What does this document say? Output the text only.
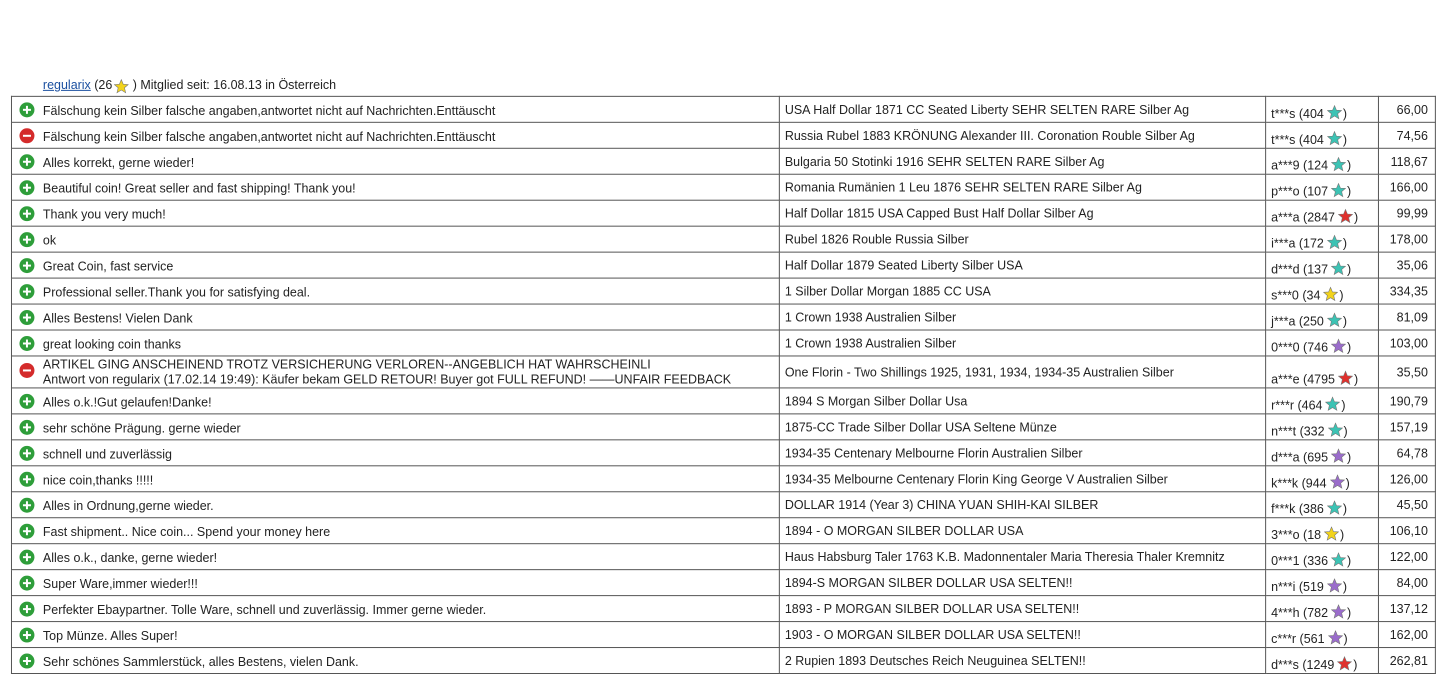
regularix (26 ) Mitglied seit: 16.08.13 in Österreich
Fälschung kein Silber falsche angaben,antwortet nicht auf Nachrichten.Enttäuscht	USA Half Dollar 1871 CC Seated Liberty SEHR SELTEN RARE Silber Ag	t***s (404 )	66,00
Fälschung kein Silber falsche angaben,antwortet nicht auf Nachrichten.Enttäuscht	Russia Rubel 1883 KRÖNUNG Alexander III. Coronation Rouble Silber Ag	t***s (404 )	74,56
Alles korrekt, gerne wieder!	Bulgaria 50 Stotinki 1916 SEHR SELTEN RARE Silber Ag	a***9 (124 )	118,67
Beautiful coin! Great seller and fast shipping! Thank you!	Romania Rumänien 1 Leu 1876 SEHR SELTEN RARE Silber Ag	p***o (107 )	166,00
Thank you very much!	Half Dollar 1815 USA Capped Bust Half Dollar Silber Ag	a***a (2847 )	99,99
ok	Rubel 1826 Rouble Russia Silber	i***a (172 )	178,00
Great Coin, fast service	Half Dollar 1879 Seated Liberty Silber USA	d***d (137 )	35,06
Professional seller.Thank you for satisfying deal.	1 Silber Dollar Morgan 1885 CC USA	s***0 (34 )	334,35
Alles Bestens! Vielen Dank	1 Crown 1938 Australien Silber	j***a (250 )	81,09
great looking coin thanks	1 Crown 1938 Australien Silber	0***0 (746 )	103,00
ARTIKEL GING ANSCHEINEND TROTZ VERSICHERUNG VERLOREN--ANGEBLICH HAT WAHRSCHEINLI
Antwort von regularix (17.02.14 19:49): Käufer bekam GELD RETOUR! Buyer got FULL REFUND! ——UNFAIR FEEDBACK	One Florin - Two Shillings 1925, 1931, 1934, 1934-35 Australien Silber	a***e (4795 )	35,50
Alles o.k.!Gut gelaufen!Danke!	1894 S Morgan Silber Dollar Usa	r***r (464 )	190,79
sehr schöne Prägung. gerne wieder	1875-CC Trade Silber Dollar USA Seltene Münze	n***t (332 )	157,19
schnell und zuverlässig	1934-35 Centenary Melbourne Florin Australien Silber	d***a (695 )	64,78
nice coin,thanks !!!!!	1934-35 Melbourne Centenary Florin King George V Australien Silber	k***k (944 )	126,00
Alles in Ordnung,gerne wieder.	DOLLAR 1914 (Year 3) CHINA YUAN SHIH-KAI SILBER	f***k (386 )	45,50
Fast shipment.. Nice coin... Spend your money here	1894 - O MORGAN SILBER DOLLAR USA	3***o (18 )	106,10
Alles o.k., danke, gerne wieder!	Haus Habsburg Taler 1763 K.B. Madonnentaler Maria Theresia Thaler Kremnitz	0***1 (336 )	122,00
Super Ware,immer wieder!!!	1894-S MORGAN SILBER DOLLAR USA SELTEN!!	n***i (519 )	84,00
Perfekter Ebaypartner. Tolle Ware, schnell und zuverlässig. Immer gerne wieder.	1893 - P MORGAN SILBER DOLLAR USA SELTEN!!	4***h (782 )	137,12
Top Münze. Alles Super!	1903 - O MORGAN SILBER DOLLAR USA SELTEN!!	c***r (561 )	162,00
Sehr schönes Sammlerstück, alles Bestens, vielen Dank.	2 Rupien 1893 Deutsches Reich Neuguinea SELTEN!!	d***s (1249 )	262,81
